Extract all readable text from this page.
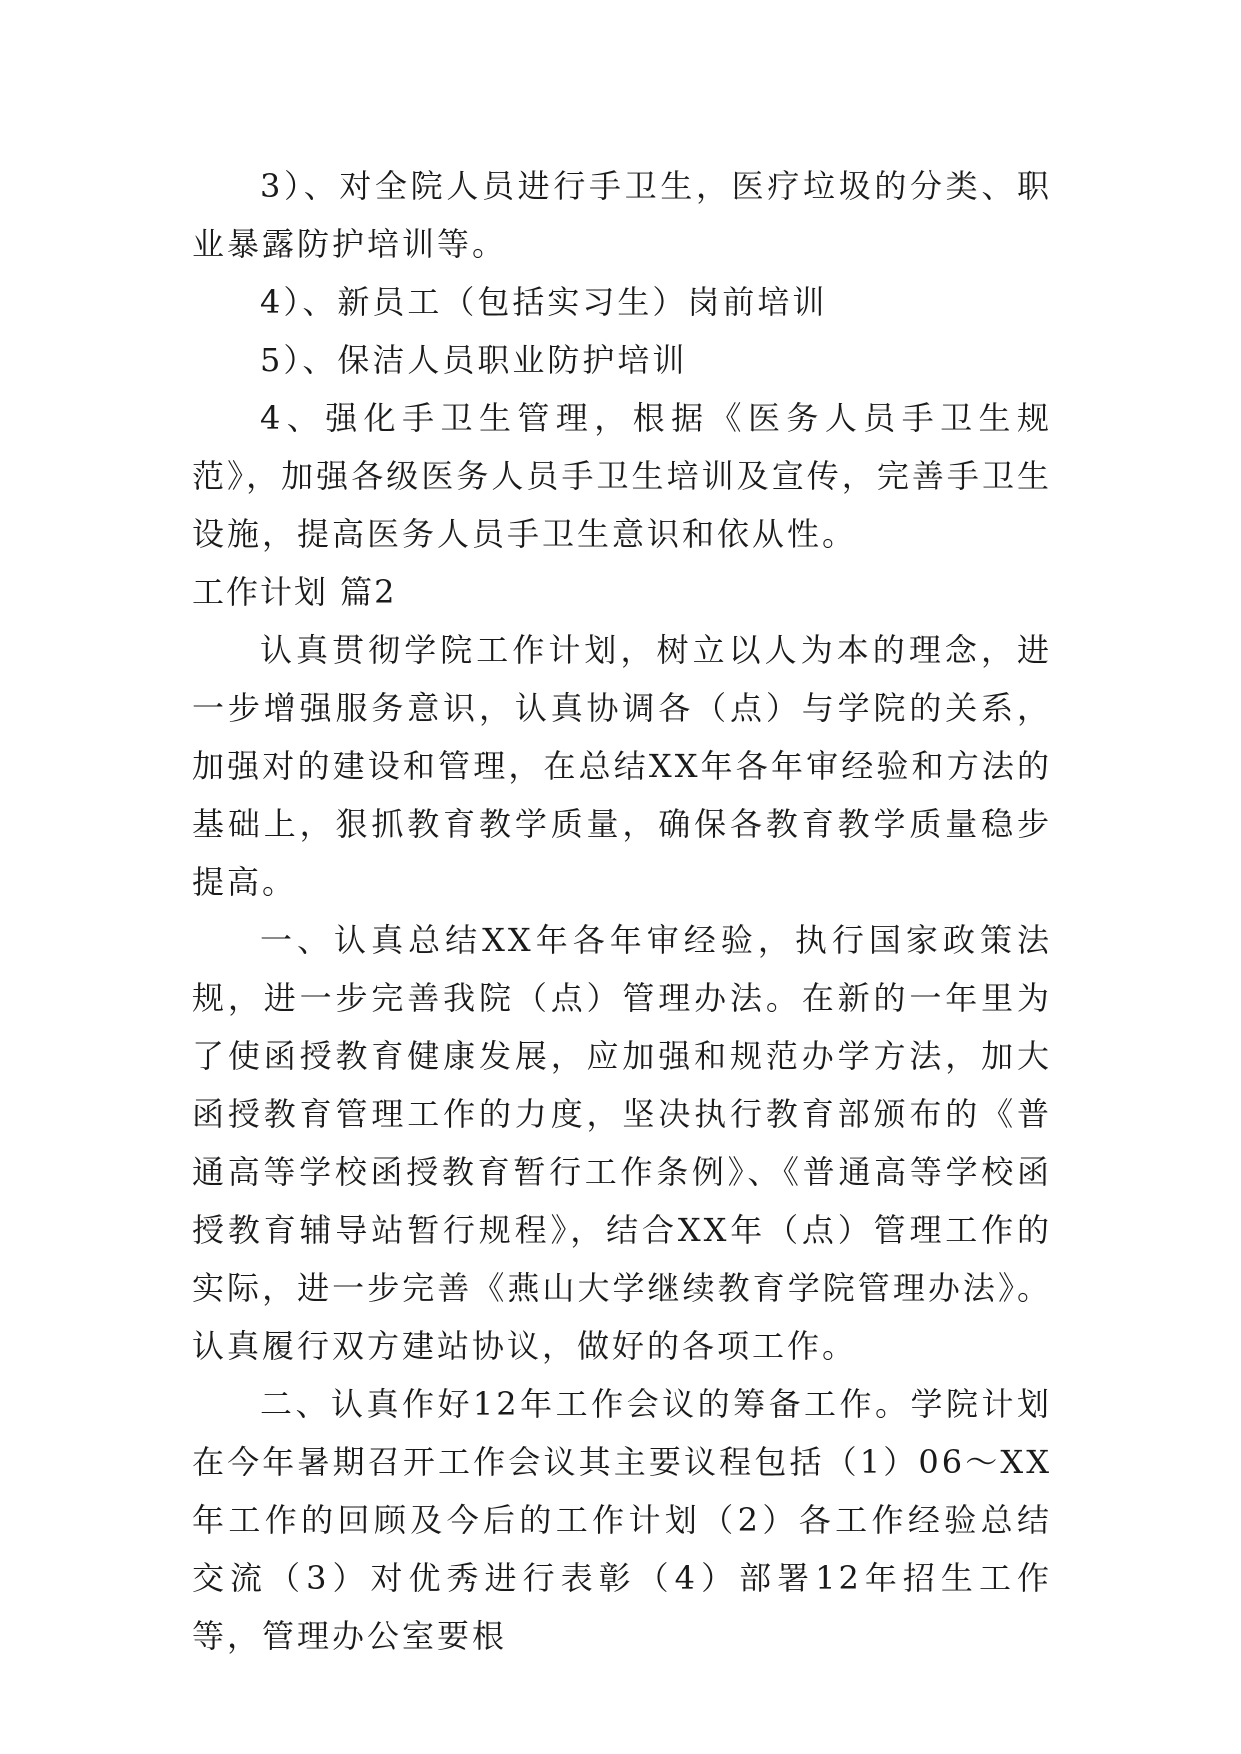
3）、对全院人员进行手卫生，医疗垃圾的分类、职业暴露防护培训等。

4）、新员工（包括实习生）岗前培训

5）、保洁人员职业防护培训

4、强化手卫生管理，根据《医务人员手卫生规范》，加强各级医务人员手卫生培训及宣传，完善手卫生设施，提高医务人员手卫生意识和依从性。

工作计划 篇2

认真贯彻学院工作计划，树立以人为本的理念，进一步增强服务意识，认真协调各（点）与学院的关系，加强对的建设和管理，在总结XX年各年审经验和方法的基础上，狠抓教育教学质量，确保各教育教学质量稳步提高。

一、认真总结XX年各年审经验，执行国家政策法规，进一步完善我院（点）管理办法。在新的一年里为了使函授教育健康发展，应加强和规范办学方法，加大函授教育管理工作的力度，坚决执行教育部颁布的《普通高等学校函授教育暂行工作条例》、《普通高等学校函授教育辅导站暂行规程》，结合XX年（点）管理工作的实际，进一步完善《燕山大学继续教育学院管理办法》。认真履行双方建站协议，做好的各项工作。

二、认真作好12年工作会议的筹备工作。学院计划在今年暑期召开工作会议其主要议程包括（1）06～XX年工作的回顾及今后的工作计划（2）各工作经验总结交流（3）对优秀进行表彰（4）部署12年招生工作等，管理办公室要根
